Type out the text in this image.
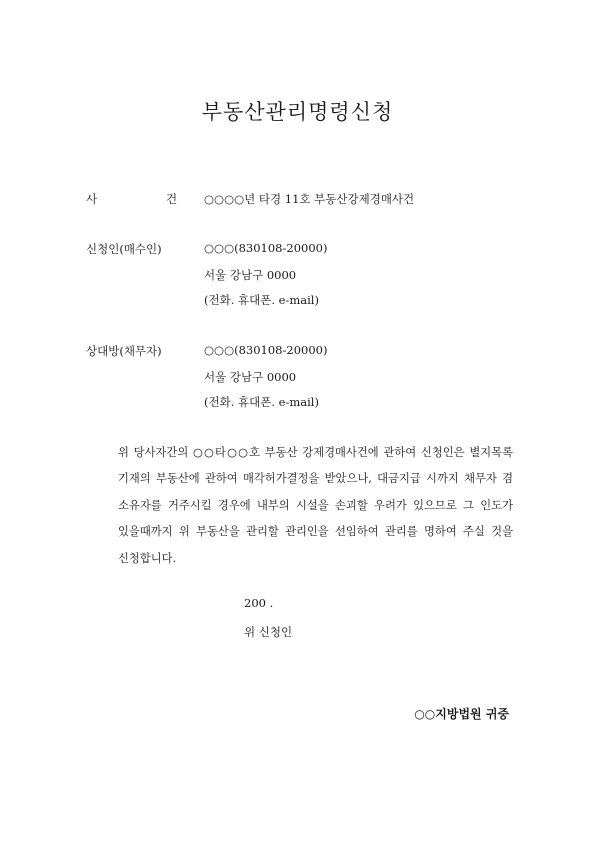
부동산관리명령신청
사	건 ○○○○년 타경 11호 부동산강제경매사건
신청인(매수인)	○○○(830108-20000)
서울 강남구 0000
(전화. 휴대폰. e-mail)
상대방(채무자)	○○○(830108-20000)
서울 강남구 0000
(전화. 휴대폰. e-mail)
위 당사자간의 ○○타○○호 부동산 강제경매사건에 관하여 신청인은 별지목록 기재의 부동산에 관하여 매각허가결정을 받았으나, 대금지급 시까지 채무자 겸 소유자를 거주시킬 경우에 내부의 시설을 손괴할 우려가 있으므로 그 인도가 있을때까지 위 부동산을 관리할 관리인을 선임하여 관리를 명하여 주실 것을 신청합니다.
200 .
위 신청인
○○지방법원 귀중
